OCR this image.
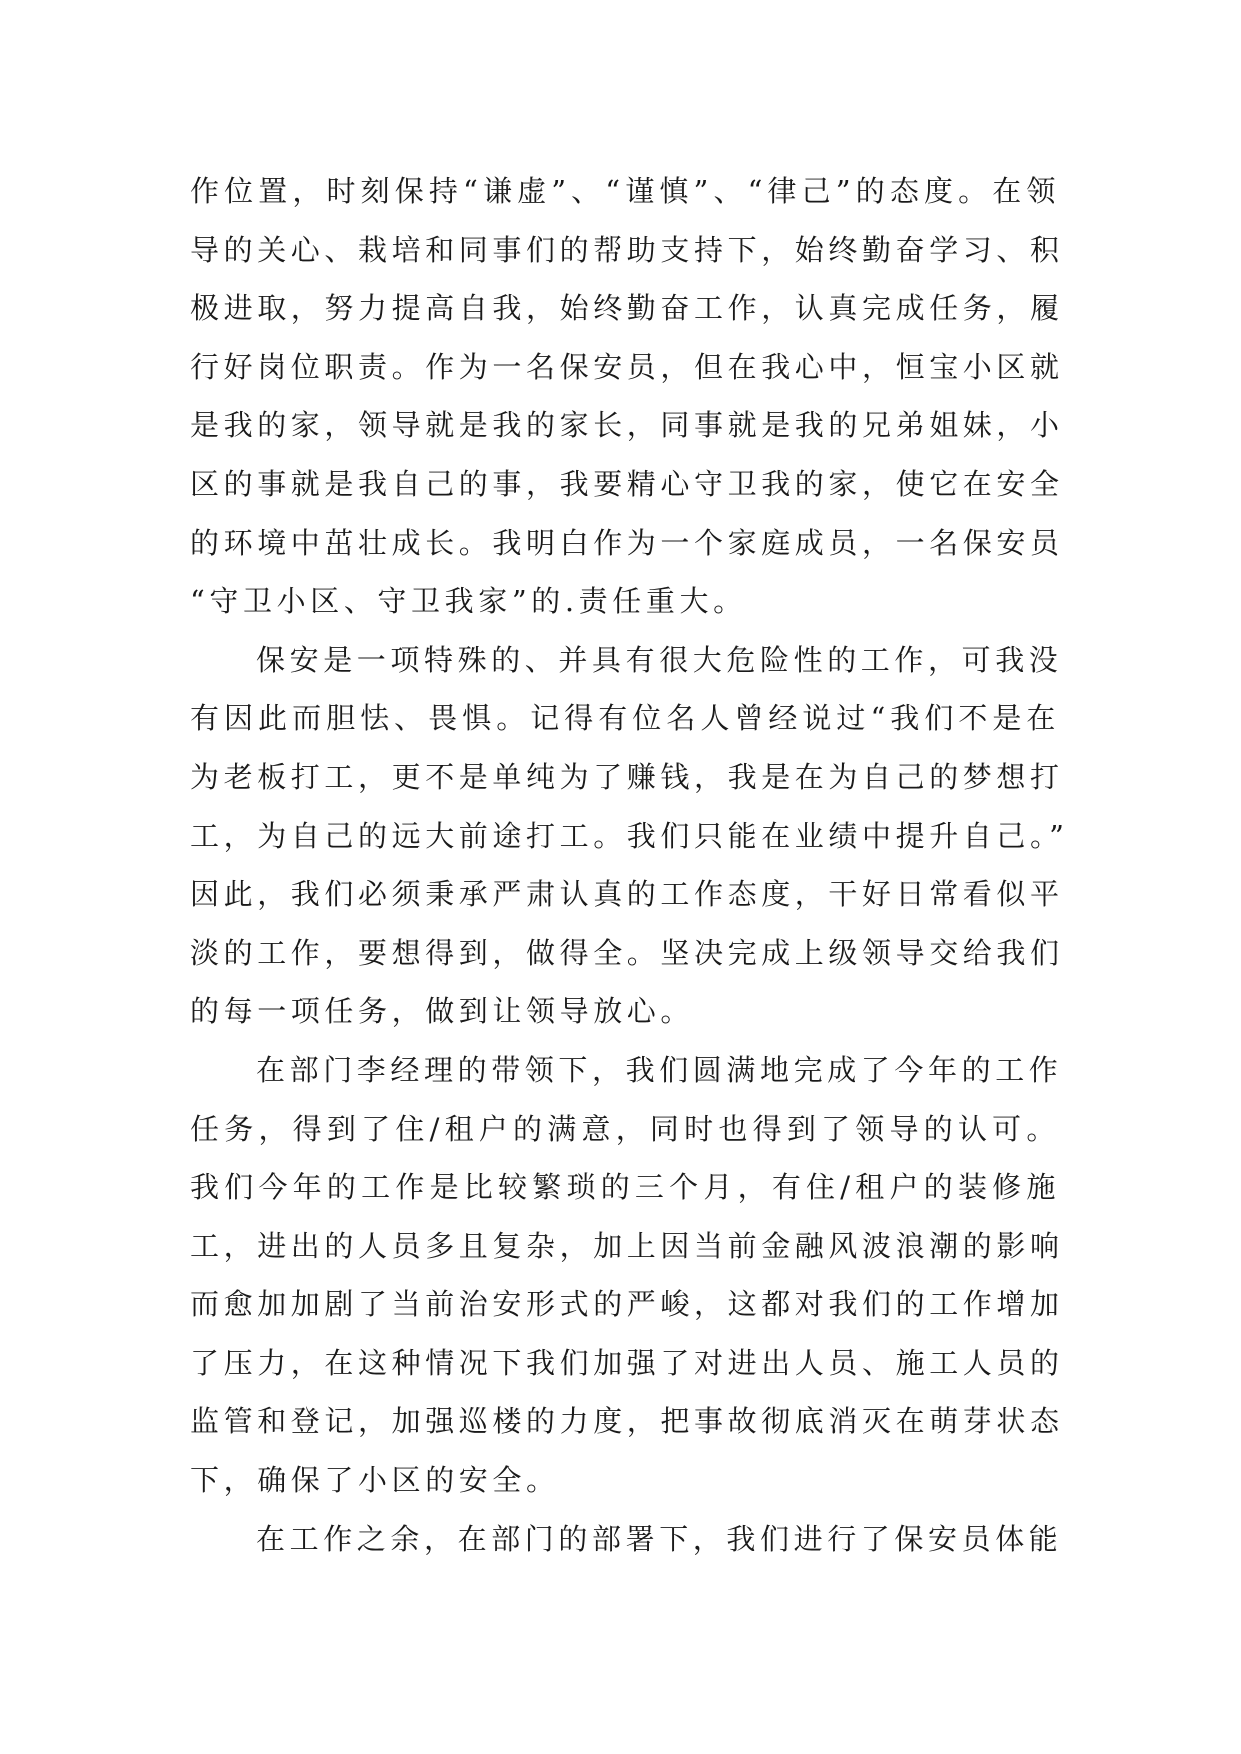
作位置，时刻保持“谦虚”、“谨慎”、“律己”的态度。在领
导的关心、栽培和同事们的帮助支持下，始终勤奋学习、积
极进取，努力提高自我，始终勤奋工作，认真完成任务，履
行好岗位职责。作为一名保安员，但在我心中，恒宝小区就
是我的家，领导就是我的家长，同事就是我的兄弟姐妹，小
区的事就是我自己的事，我要精心守卫我的家，使它在安全
的环境中茁壮成长。我明白作为一个家庭成员，一名保安员
“守卫小区、守卫我家”的.责任重大。

保安是一项特殊的、并具有很大危险性的工作，可我没
有因此而胆怯、畏惧。记得有位名人曾经说过“我们不是在
为老板打工，更不是单纯为了赚钱，我是在为自己的梦想打
工，为自己的远大前途打工。我们只能在业绩中提升自己。”
因此，我们必须秉承严肃认真的工作态度，干好日常看似平
淡的工作，要想得到，做得全。坚决完成上级领导交给我们
的每一项任务，做到让领导放心。

在部门李经理的带领下，我们圆满地完成了今年的工作
任务，得到了住/租户的满意，同时也得到了领导的认可。
我们今年的工作是比较繁琐的三个月，有住/租户的装修施
工，进出的人员多且复杂，加上因当前金融风波浪潮的影响
而愈加加剧了当前治安形式的严峻，这都对我们的工作增加
了压力，在这种情况下我们加强了对进出人员、施工人员的
监管和登记，加强巡楼的力度，把事故彻底消灭在萌芽状态
下，确保了小区的安全。

在工作之余，在部门的部署下，我们进行了保安员体能
